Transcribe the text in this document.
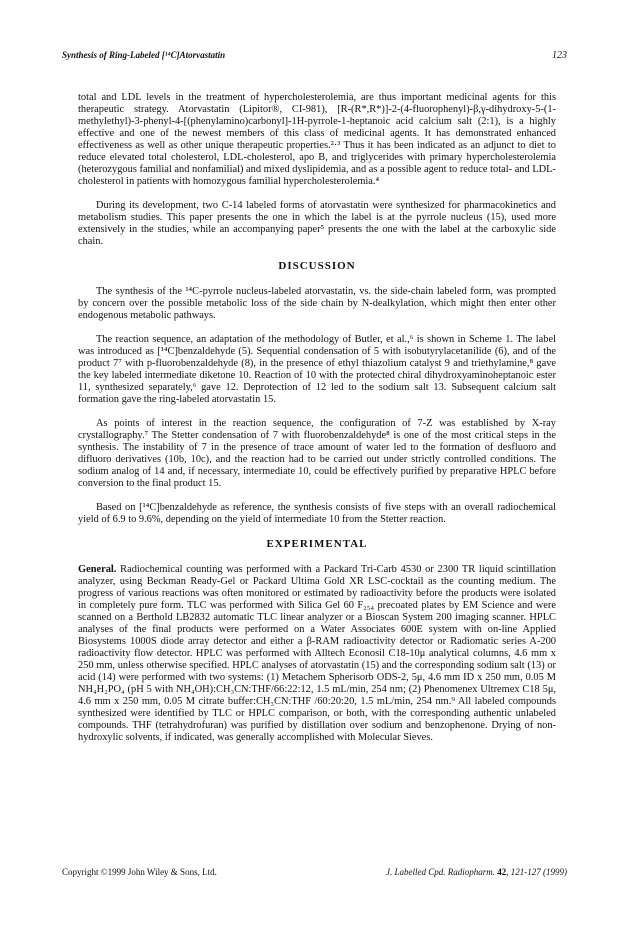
Synthesis of Ring-Labeled [¹⁴C]Atorvastatin	123

total and LDL levels in the treatment of hypercholesterolemia, are thus important medicinal agents for this therapeutic strategy. Atorvastatin (Lipitor®, CI-981), [R-(R*,R*)]-2-(4-fluorophenyl)-β,γ-dihydroxy-5-(1-methylethyl)-3-phenyl-4-[(phenylamino)carbonyl]-1H-pyrrole-1-heptanoic acid calcium salt (2:1), is a highly effective and one of the newest members of this class of medicinal agents. It has demonstrated enhanced effectiveness as well as other unique therapeutic properties.²·³ Thus it has been indicated as an adjunct to diet to reduce elevated total cholesterol, LDL-cholesterol, apo B, and triglycerides with primary hypercholesterolemia (heterozygous familial and nonfamilial) and mixed dyslipidemia, and as a possible agent to reduce total- and LDL-cholesterol in patients with homozygous familial hypercholesterolemia.⁴

During its development, two C-14 labeled forms of atorvastatin were synthesized for pharmacokinetics and metabolism studies. This paper presents the one in which the label is at the pyrrole nucleus (15), used more extensively in the studies, while an accompanying paper⁵ presents the one with the label at the carboxylic side chain.

DISCUSSION

The synthesis of the ¹⁴C-pyrrole nucleus-labeled atorvastatin, vs. the side-chain labeled form, was prompted by concern over the possible metabolic loss of the side chain by N-dealkylation, which might then enter other endogenous metabolic pathways.

The reaction sequence, an adaptation of the methodology of Butler, et al.,⁶ is shown in Scheme 1. The label was introduced as [¹⁴C]benzaldehyde (5). Sequential condensation of 5 with isobutyrylacetanilide (6), and of the product 7⁷ with p-fluorobenzaldehyde (8), in the presence of ethyl thiazolium catalyst 9 and triethylamine,⁸ gave the key labeled intermediate diketone 10. Reaction of 10 with the protected chiral dihydroxyaminoheptanoic ester 11, synthesized separately,⁶ gave 12. Deprotection of 12 led to the sodium salt 13. Subsequent calcium salt formation gave the ring-labeled atorvastatin 15.

As points of interest in the reaction sequence, the configuration of 7-Z was established by X-ray crystallography.⁷ The Stetter condensation of 7 with fluorobenzaldehyde⁸ is one of the most critical steps in the synthesis. The instability of 7 in the presence of trace amount of water led to the formation of desfluoro and difluoro derivatives (10b, 10c), and the reaction had to be carried out under strictly controlled conditions. The sodium analog of 14 and, if necessary, intermediate 10, could be effectively purified by preparative HPLC before conversion to the final product 15.

Based on [¹⁴C]benzaldehyde as reference, the synthesis consists of five steps with an overall radiochemical yield of 6.9 to 9.6%, depending on the yield of intermediate 10 from the Stetter reaction.

EXPERIMENTAL

General. Radiochemical counting was performed with a Packard Tri-Carb 4530 or 2300 TR liquid scintillation analyzer, using Beckman Ready-Gel or Packard Ultima Gold XR LSC-cocktail as the counting medium. The progress of various reactions was often monitored or estimated by radioactivity before the products were isolated in completely pure form. TLC was performed with Silica Gel 60 F₂₅₄ precoated plates by EM Science and were scanned on a Berthold LB2832 automatic TLC linear analyzer or a Bioscan System 200 imaging scanner. HPLC analyses of the final products were performed on a Water Associates 600E system with on-line Applied Biosystems 1000S diode array detector and either a β-RAM radioactivity detector or Radiomatic series A-200 radioactivity flow detector. HPLC was performed with Alltech Econosil C18-10μ analytical columns, 4.6 mm x 250 mm, unless otherwise specified. HPLC analyses of atorvastatin (15) and the corresponding sodium salt (13) or acid (14) were performed with two systems: (1) Metachem Spherisorb ODS-2, 5μ, 4.6 mm ID x 250 mm, 0.05 M NH₄H₂PO₄ (pH 5 with NH₄OH):CH₃CN:THF/66:22:12, 1.5 mL/min, 254 nm; (2) Phenomenex Ultremex C18 5μ, 4.6 mm x 250 mm, 0.05 M citrate buffer:CH₃CN:THF /60:20:20, 1.5 mL/min, 254 nm.⁹ All labeled compounds synthesized were identified by TLC or HPLC comparison, or both, with the corresponding authentic unlabeled compounds. THF (tetrahydrofuran) was purified by distillation over sodium and benzophenone. Drying of non-hydroxylic solvents, if indicated, was generally accomplished with Molecular Sieves.

Copyright ©1999 John Wiley & Sons, Ltd.	J. Labelled Cpd. Radiopharm. 42, 121-127 (1999)
